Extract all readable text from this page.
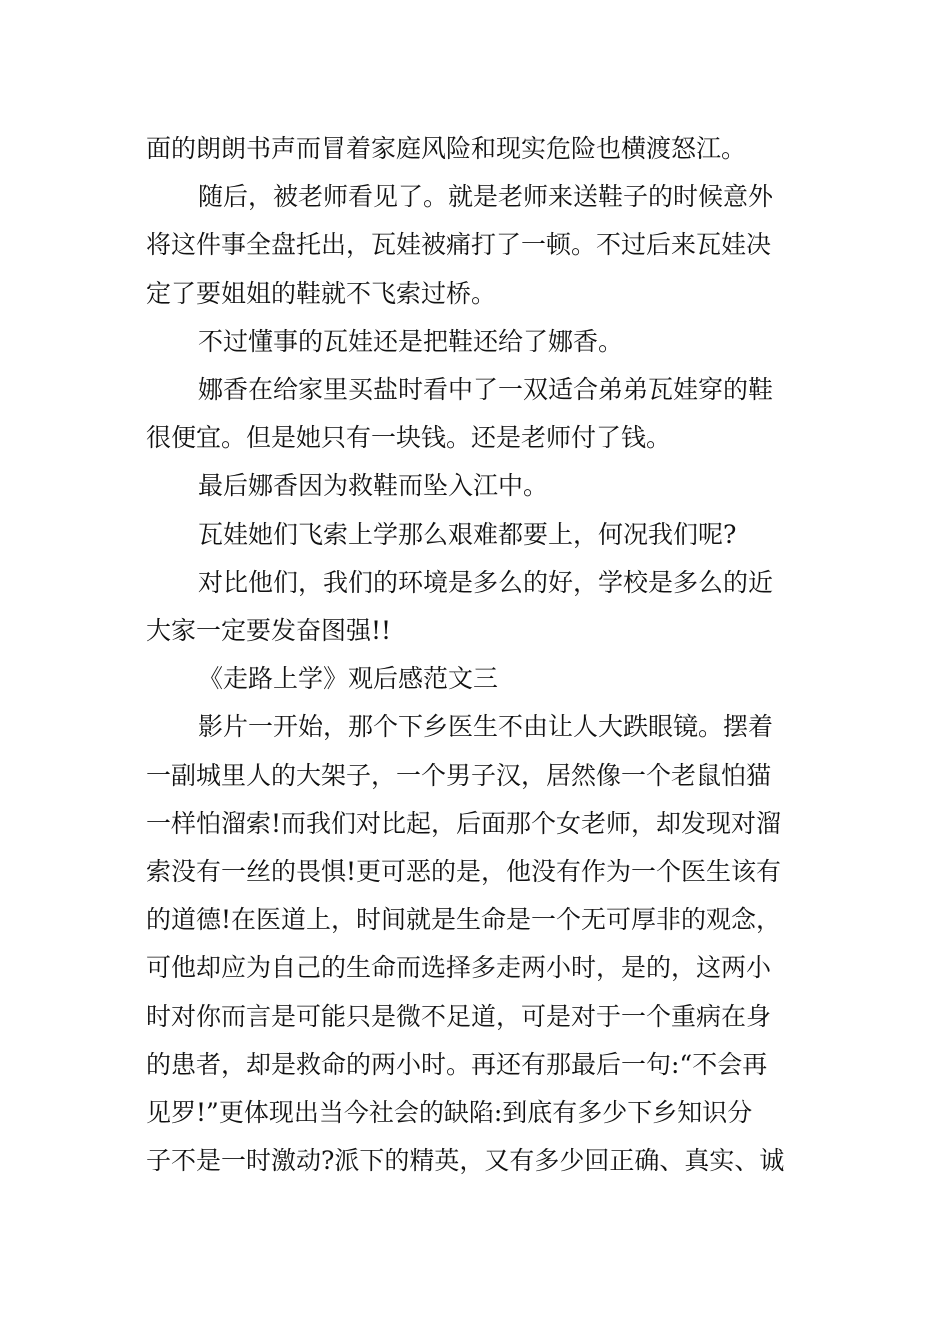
面的朗朗书声而冒着家庭风险和现实危险也横渡怒江。

随后，被老师看见了。就是老师来送鞋子的时候意外

将这件事全盘托出，瓦娃被痛打了一顿。不过后来瓦娃决

定了要姐姐的鞋就不飞索过桥。

不过懂事的瓦娃还是把鞋还给了娜香。

娜香在给家里买盐时看中了一双适合弟弟瓦娃穿的鞋

很便宜。但是她只有一块钱。还是老师付了钱。

最后娜香因为救鞋而坠入江中。

瓦娃她们飞索上学那么艰难都要上，何况我们呢?

对比他们，我们的环境是多么的好，学校是多么的近

大家一定要发奋图强!!

《走路上学》观后感范文三

影片一开始，那个下乡医生不由让人大跌眼镜。摆着

一副城里人的大架子，一个男子汉，居然像一个老鼠怕猫

一样怕溜索!而我们对比起，后面那个女老师，却发现对溜

索没有一丝的畏惧!更可恶的是，他没有作为一个医生该有

的道德!在医道上，时间就是生命是一个无可厚非的观念，

可他却应为自己的生命而选择多走两小时，是的，这两小

时对你而言是可能只是微不足道，可是对于一个重病在身

的患者，却是救命的两小时。再还有那最后一句:“不会再

见罗!”更体现出当今社会的缺陷:到底有多少下乡知识分

子不是一时激动?派下的精英，又有多少回正确、真实、诚
